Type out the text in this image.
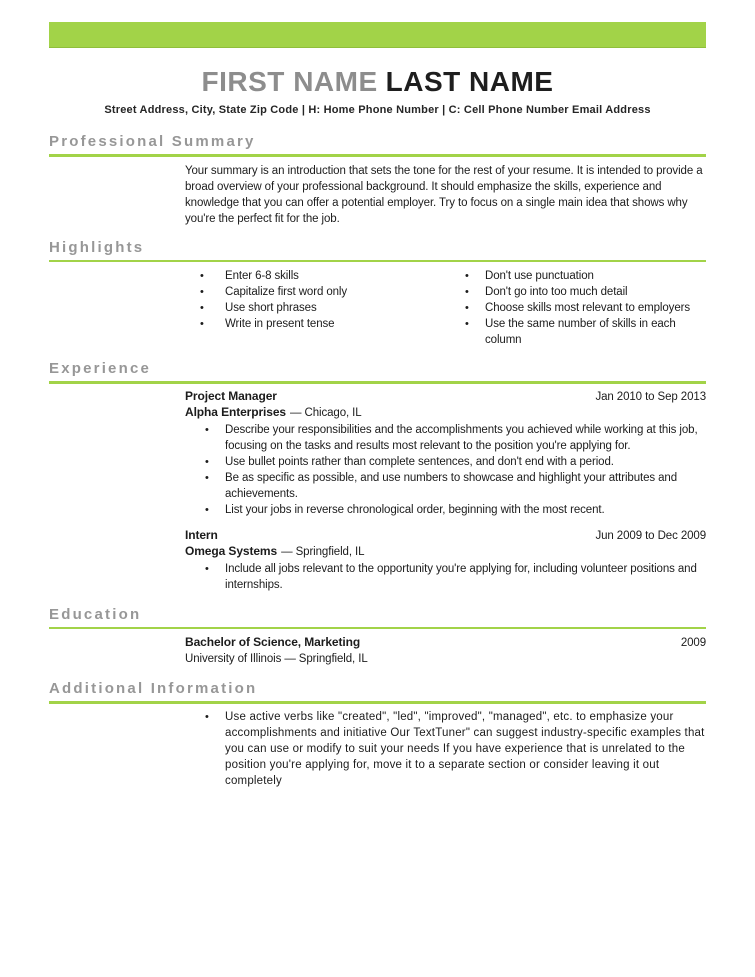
FIRST NAME LAST NAME
Street Address, City, State Zip Code | H: Home Phone Number | C: Cell Phone Number Email Address
Professional Summary

Your summary is an introduction that sets the tone for the rest of your resume. It is intended to provide a broad overview of your professional background. It should emphasize the skills, experience and knowledge that you can offer a potential employer. Try to focus on a single main idea that shows why you're the perfect fit for the job.

Highlights
• Enter 6-8 skills
• Capitalize first word only
• Use short phrases
• Write in present tense
• Don't use punctuation
• Don't go into too much detail
• Choose skills most relevant to employers
• Use the same number of skills in each column
Experience
Project Manager	Jan 2010 to Sep 2013
Alpha Enterprises — Chicago, IL
• Describe your responsibilities and the accomplishments you achieved while working at this job, focusing on the tasks and results most relevant to the position you're applying for.
• Use bullet points rather than complete sentences, and don't end with a period.
• Be as specific as possible, and use numbers to showcase and highlight your attributes and achievements.
• List your jobs in reverse chronological order, beginning with the most recent.
Intern	Jun 2009 to Dec 2009
Omega Systems — Springfield, IL
• Include all jobs relevant to the opportunity you're applying for, including volunteer positions and internships.
Education
Bachelor of Science, Marketing	2009
University of Illinois — Springfield, IL
Additional Information
• Use active verbs like "created", "led", "improved", "managed", etc. to emphasize your accomplishments and initiative Our TextTuner" can suggest industry-specific examples that you can use or modify to suit your needs If you have experience that is unrelated to the position you're applying for, move it to a separate section or consider leaving it out completely
